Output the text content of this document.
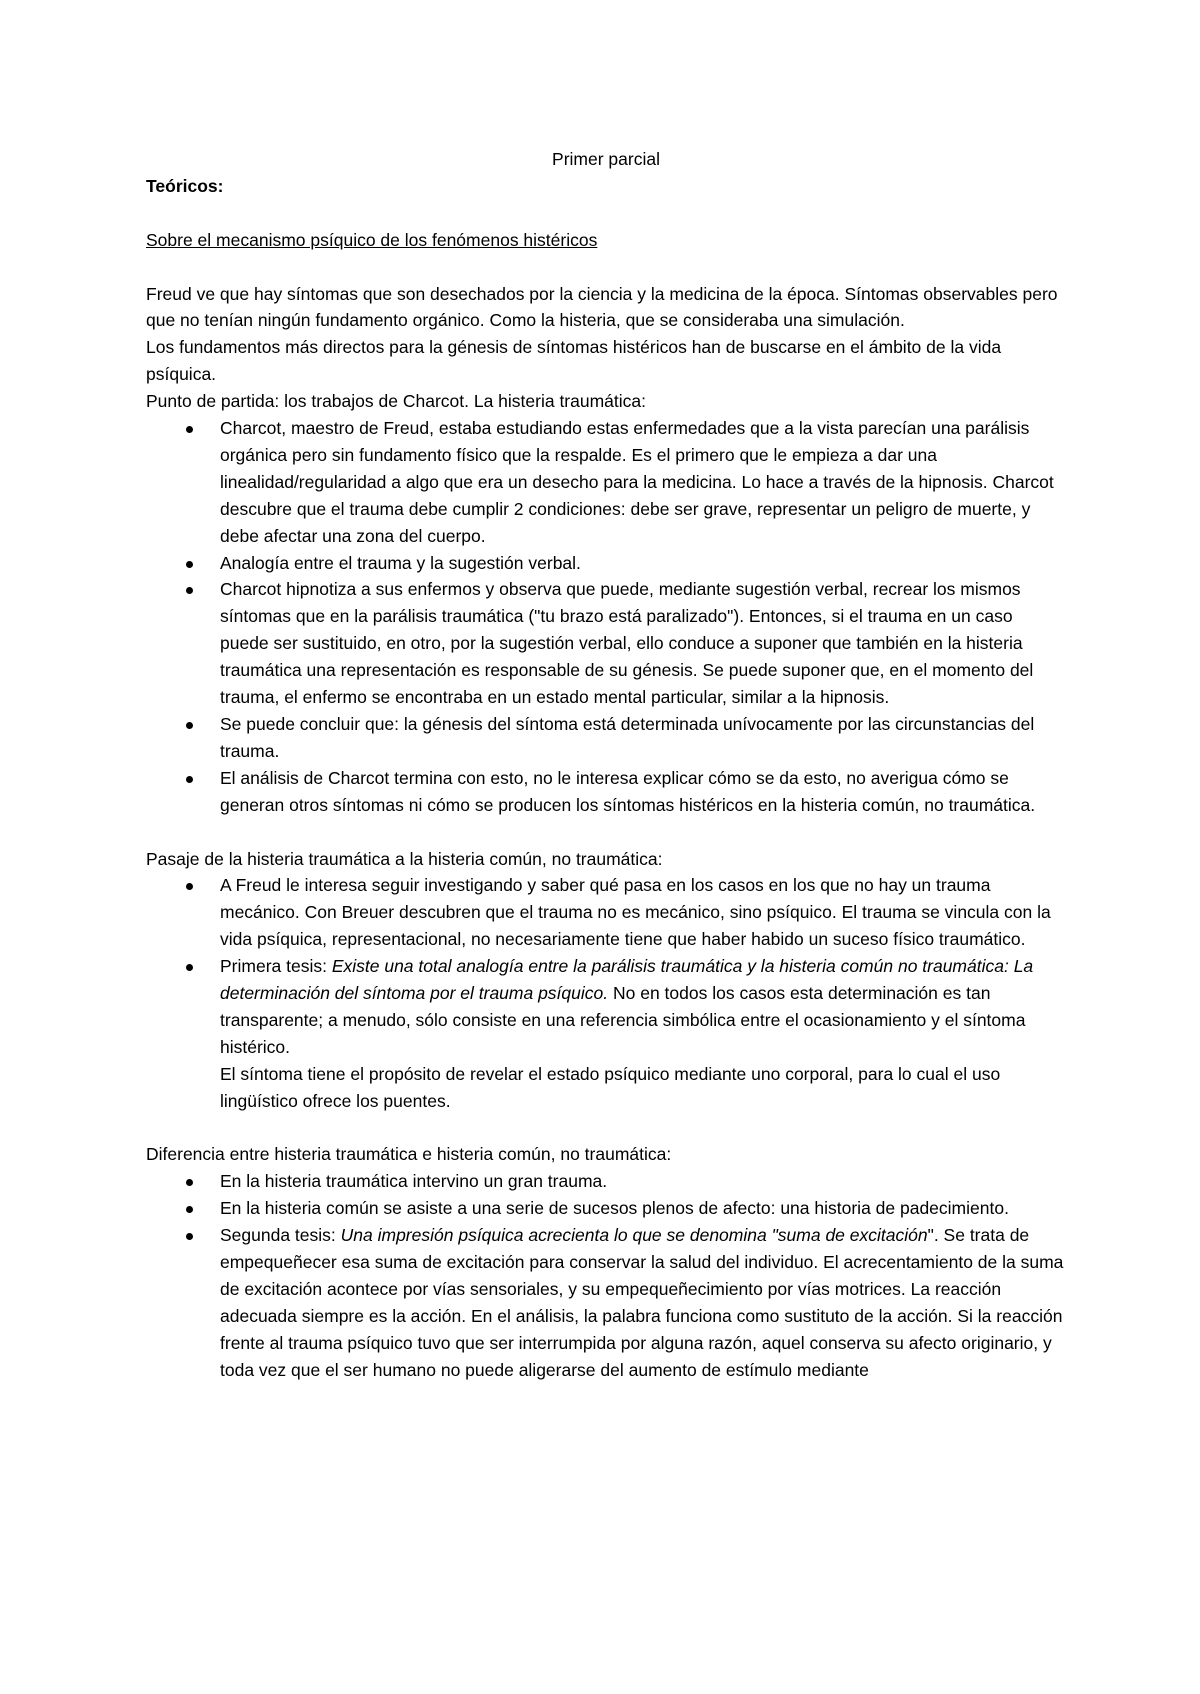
Primer parcial

Teóricos:

Sobre el mecanismo psíquico de los fenómenos histéricos

Freud ve que hay síntomas que son desechados por la ciencia y la medicina de la época. Síntomas observables pero que no tenían ningún fundamento orgánico. Como la histeria, que se consideraba una simulación.

Los fundamentos más directos para la génesis de síntomas histéricos han de buscarse en el ámbito de la vida psíquica.

Punto de partida: los trabajos de Charcot. La histeria traumática:

Charcot, maestro de Freud, estaba estudiando estas enfermedades que a la vista parecían una parálisis orgánica pero sin fundamento físico que la respalde. Es el primero que le empieza a dar una linealidad/regularidad a algo que era un desecho para la medicina. Lo hace a través de la hipnosis. Charcot descubre que el trauma debe cumplir 2 condiciones: debe ser grave, representar un peligro de muerte, y debe afectar una zona del cuerpo.
Analogía entre el trauma y la sugestión verbal.
Charcot hipnotiza a sus enfermos y observa que puede, mediante sugestión verbal, recrear los mismos síntomas que en la parálisis traumática ("tu brazo está paralizado"). Entonces, si el trauma en un caso puede ser sustituido, en otro, por la sugestión verbal, ello conduce a suponer que también en la histeria traumática una representación es responsable de su génesis. Se puede suponer que, en el momento del trauma, el enfermo se encontraba en un estado mental particular, similar a la hipnosis.
Se puede concluir que: la génesis del síntoma está determinada unívocamente por las circunstancias del trauma.
El análisis de Charcot termina con esto, no le interesa explicar cómo se da esto, no averigua cómo se generan otros síntomas ni cómo se producen los síntomas histéricos en la histeria común, no traumática.

Pasaje de la histeria traumática a la histeria común, no traumática:

A Freud le interesa seguir investigando y saber qué pasa en los casos en los que no hay un trauma mecánico. Con Breuer descubren que el trauma no es mecánico, sino psíquico. El trauma se vincula con la vida psíquica, representacional, no necesariamente tiene que haber habido un suceso físico traumático.
Primera tesis: Existe una total analogía entre la parálisis traumática y la histeria común no traumática: La determinación del síntoma por el trauma psíquico. No en todos los casos esta determinación es tan transparente; a menudo, sólo consiste en una referencia simbólica entre el ocasionamiento y el síntoma histérico.
El síntoma tiene el propósito de revelar el estado psíquico mediante uno corporal, para lo cual el uso lingüístico ofrece los puentes.

Diferencia entre histeria traumática e histeria común, no traumática:

En la histeria traumática intervino un gran trauma.
En la histeria común se asiste a una serie de sucesos plenos de afecto: una historia de padecimiento.
Segunda tesis: Una impresión psíquica acrecienta lo que se denomina "suma de excitación". Se trata de empequeñecer esa suma de excitación para conservar la salud del individuo. El acrecentamiento de la suma de excitación acontece por vías sensoriales, y su empequeñecimiento por vías motrices. La reacción adecuada siempre es la acción. En el análisis, la palabra funciona como sustituto de la acción. Si la reacción frente al trauma psíquico tuvo que ser interrumpida por alguna razón, aquel conserva su afecto originario, y toda vez que el ser humano no puede aligerarse del aumento de estímulo mediante
